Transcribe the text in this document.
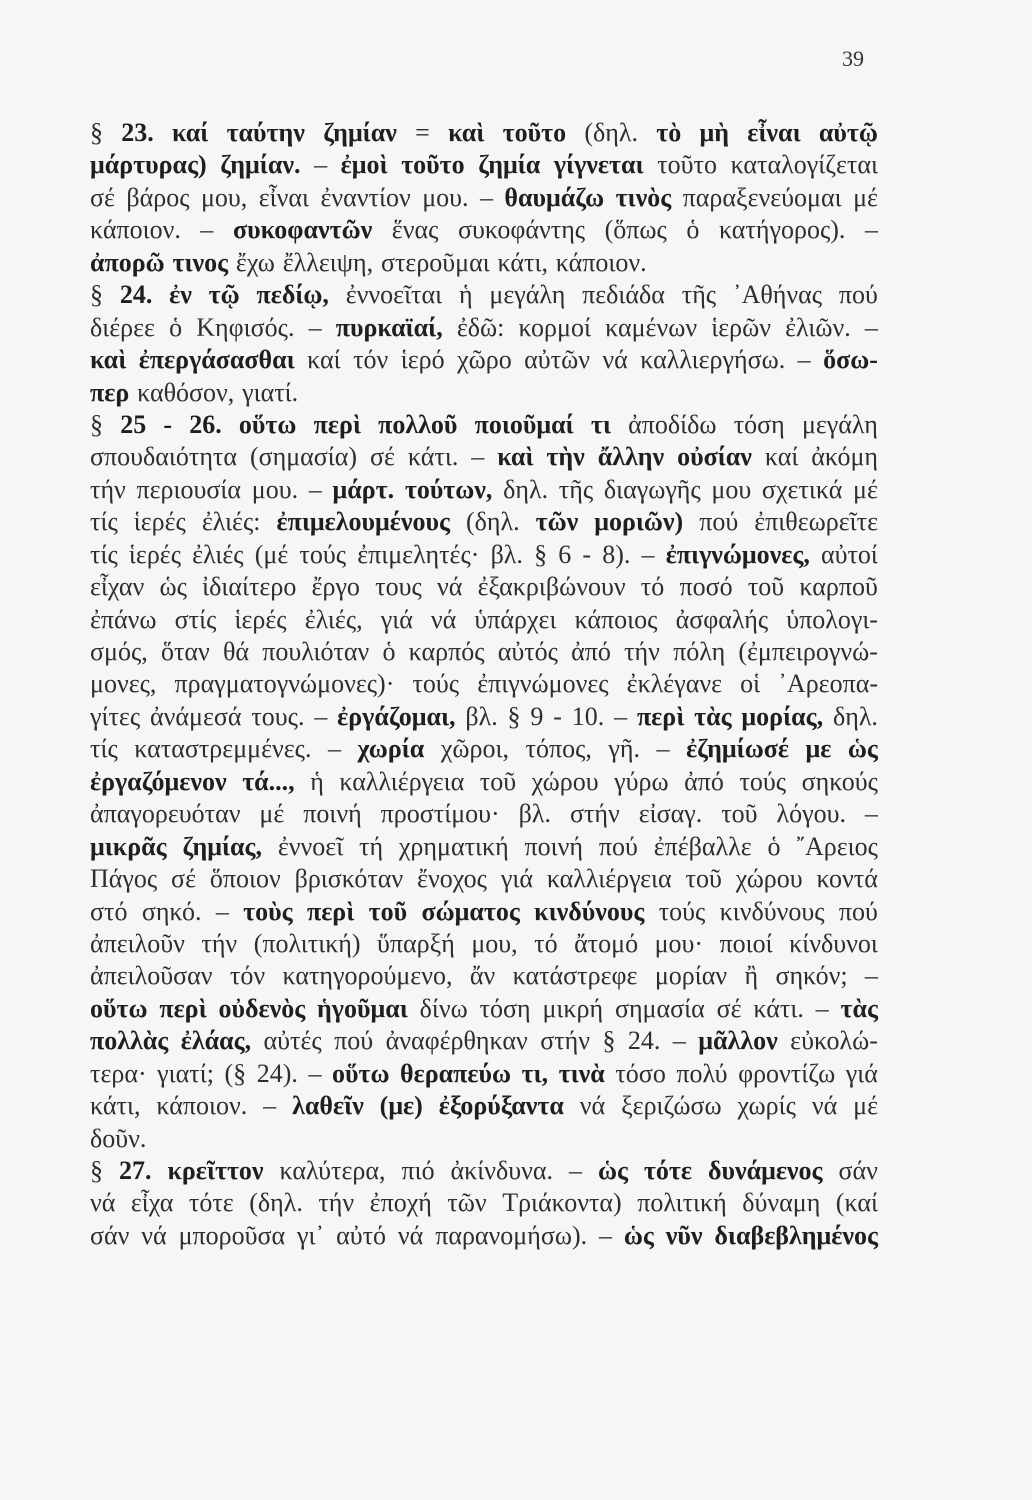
39
§ 23. καί ταύτην ζημίαν = καὶ τοῦτο (δηλ. τὸ μὴ εἶναι αὐτῷ
μάρτυρας) ζημίαν. – ἐμοὶ τοῦτο ζημία γίγνεται τοῦτο καταλογίζεται
σέ βάρος μου, εἶναι ἐναντίον μου. – θαυμάζω τινὸς παραξενεύομαι μέ
κάποιον. – συκοφαντῶν ἕνας συκοφάντης (ὅπως ὁ κατήγορος). –
ἀπορῶ τινος ἔχω ἔλλειψη, στεροῦμαι κάτι, κάποιον.
§ 24. ἐν τῷ πεδίῳ, ἐννοεῖται ἡ μεγάλη πεδιάδα τῆς ᾿Αθήνας πού
διέρεε ὁ Κηφισός. – πυρκαϊαί, ἐδῶ: κορμοί καμένων ἱερῶν ἐλιῶν. –
καὶ ἐπεργάσασθαι καί τόν ἱερό χῶρο αὐτῶν νά καλλιεργήσω. – ὅσω-
περ καθόσον, γιατί.
§ 25 - 26. οὕτω περὶ πολλοῦ ποιοῦμαί τι ἀποδίδω τόση μεγάλη
σπουδαιότητα (σημασία) σέ κάτι. – καὶ τὴν ἄλλην οὐσίαν καί ἀκόμη
τήν περιουσία μου. – μάρτ. τούτων, δηλ. τῆς διαγωγῆς μου σχετικά μέ
τίς ἱερές ἐλιές: ἐπιμελουμένους (δηλ. τῶν μοριῶν) πού ἐπιθεωρεῖτε
τίς ἱερές ἐλιές (μέ τούς ἐπιμελητές· βλ. § 6 - 8). – ἐπιγνώμονες, αὐτοί
εἶχαν ὡς ἰδιαίτερο ἔργο τους νά ἐξακριβώνουν τό ποσό τοῦ καρποῦ
ἐπάνω στίς ἱερές ἐλιές, γιά νά ὑπάρχει κάποιος ἀσφαλής ὑπολογι-
σμός, ὅταν θά πουλιόταν ὁ καρπός αὐτός ἀπό τήν πόλη (ἐμπειρογνώ-
μονες, πραγματογνώμονες)· τούς ἐπιγνώμονες ἐκλέγανε οἱ ᾿Αρεοπα-
γίτες ἀνάμεσά τους. – ἐργάζομαι, βλ. § 9 - 10. – περὶ τὰς μορίας, δηλ.
τίς καταστρεμμένες. – χωρία χῶροι, τόπος, γῆ. – ἐζημίωσέ με ὡς
ἐργαζόμενον τά..., ἡ καλλιέργεια τοῦ χώρου γύρω ἀπό τούς σηκούς
ἀπαγορευόταν μέ ποινή προστίμου· βλ. στήν εἰσαγ. τοῦ λόγου. –
μικρᾶς ζημίας, ἐννοεῖ τή χρηματική ποινή πού ἐπέβαλλε ὁ ῎Αρειος
Πάγος σέ ὅποιον βρισκόταν ἔνοχος γιά καλλιέργεια τοῦ χώρου κοντά
στό σηκό. – τοὺς περὶ τοῦ σώματος κινδύνους τούς κινδύνους πού
ἀπειλοῦν τήν (πολιτική) ὕπαρξή μου, τό ἄτομό μου· ποιοί κίνδυνοι
ἀπειλοῦσαν τόν κατηγορούμενο, ἄν κατάστρεφε μορίαν ἢ σηκόν; –
οὕτω περὶ οὐδενὸς ἡγοῦμαι δίνω τόση μικρή σημασία σέ κάτι. – τὰς
πολλὰς ἐλάας, αὐτές πού ἀναφέρθηκαν στήν § 24. – μᾶλλον εὐκολώ-
τερα· γιατί; (§ 24). – οὕτω θεραπεύω τι, τινὰ τόσο πολύ φροντίζω γιά
κάτι, κάποιον. – λαθεῖν (με) ἐξορύξαντα νά ξεριζώσω χωρίς νά μέ
δοῦν.
§ 27. κρεῖττον καλύτερα, πιό ἀκίνδυνα. – ὡς τότε δυνάμενος σάν
νά εἶχα τότε (δηλ. τήν ἐποχή τῶν Τριάκοντα) πολιτική δύναμη (καί
σάν νά μποροῦσα γι᾿ αὐτό νά παρανομήσω). – ὡς νῦν διαβεβλημένος
